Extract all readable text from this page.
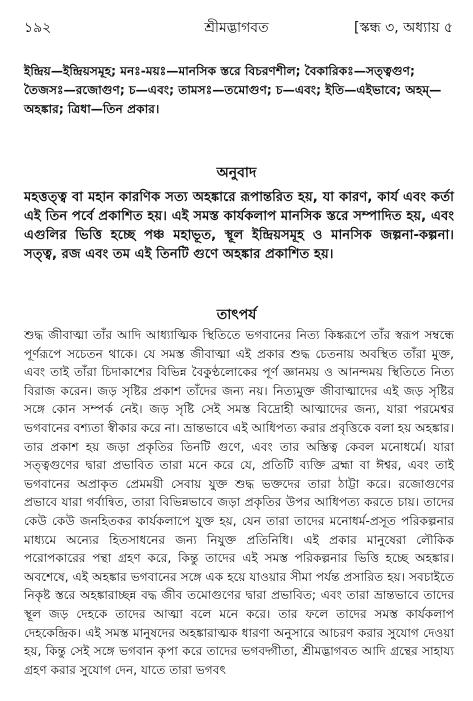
১৯২	শ্রীমদ্ভাগবত	[স্কন্ধ ৩, অধ্যায় ৫

ইন্দ্রিয়—ইন্দ্রিয়সমূহ; মনঃ-ময়ঃ—মানসিক স্তরে বিচরণশীল; বৈকারিকঃ—সত্ত্বগুণ; তৈজসঃ—রজোগুণ; চ—এবং; তামসঃ—তমোগুণ; চ—এবং; ইতি—এইভাবে; অহম্—অহঙ্কার; ত্রিধা—তিন প্রকার।

অনুবাদ

মহত্তত্ত্ব বা মহান কারণিক সত্য অহঙ্কারে রূপান্তরিত হয়, যা কারণ, কার্য এবং কর্তা এই তিন পর্বে প্রকাশিত হয়। এই সমস্ত কার্যকলাপ মানসিক স্তরে সম্পাদিত হয়, এবং এগুলির ভিত্তি হচ্ছে পঞ্চ মহাভূত, স্থূল ইন্দ্রিয়সমূহ ও মানসিক জল্পনা-কল্পনা। সত্ত্ব, রজ এবং তম এই তিনটি গুণে অহঙ্কার প্রকাশিত হয়।

তাৎপর্য

শুদ্ধ জীবাত্মা তাঁর আদি আধ্যাত্মিক স্থিতিতে ভগবানের নিত্য কিঙ্করূপে তাঁর স্বরূপ সম্বন্ধে পূর্ণরূপে সচেতন থাকে। যে সমস্ত জীবাত্মা এই প্রকার শুদ্ধ চেতনায় অবস্থিত তাঁরা মুক্ত, এবং তাই তাঁরা চিদাকাশের বিভিন্ন বৈকুণ্ঠলোকের পূর্ণ জ্ঞানময় ও আনন্দময় স্থিতিতে নিত্য বিরাজ করেন। জড় সৃষ্টির প্রকাশ তাঁদের জন্য নয়। নিত্যমুক্ত জীবাত্মাদের এই জড় সৃষ্টির সঙ্গে কোন সম্পর্ক নেই। জড় সৃষ্টি সেই সমস্ত বিদ্রোহী আত্মাদের জন্য, যারা পরমেশ্বর ভগবানের বশ্যতা স্বীকার করে না। ভ্রান্তভাবে এই আধিপত্য করার প্রবৃত্তিকে বলা হয় অহঙ্কার। তার প্রকাশ হয় জড়া প্রকৃতির তিনটি গুণে, এবং তার অস্তিত্ব কেবল মনোধর্মে। যারা সত্ত্বগুণের দ্বারা প্রভাবিত তারা মনে করে যে, প্রতিটি ব্যক্তি ব্রহ্মা বা ঈশ্বর, এবং তাই ভগবানের অপ্রাকৃত প্রেমময়ী সেবায় যুক্ত শুদ্ধ ভক্তদের তারা ঠাট্টা করে। রজোগুণের প্রভাবে যারা গর্বান্বিত, তারা বিভিন্নভাবে জড়া প্রকৃতির উপর আধিপত্য করতে চায়। তাদের কেউ কেউ জনহিতকর কার্যকলাপে যুক্ত হয়, যেন তারা তাদের মনোধর্ম-প্রসূত পরিকল্পনার মাধ্যমে অন্যের হিতসাধনের জন্য নিযুক্ত প্রতিনিধি। এই প্রকার মানুষেরা লৌকিক পরোপকারের পন্থা গ্রহণ করে, কিন্তু তাদের এই সমস্ত পরিকল্পনার ভিত্তি হচ্ছে অহঙ্কার। অবশেষে, এই অহঙ্কার ভগবানের সঙ্গে এক হয়ে যাওয়ার সীমা পর্যন্ত প্রসারিত হয়। সবচাইতে নিকৃষ্ট স্তরে অহঙ্কারাচ্ছন্ন বদ্ধ জীব তমোগুণের দ্বারা প্রভাবিত; এবং তারা ভ্রান্তভাবে তাদের স্থূল জড় দেহকে তাদের আত্মা বলে মনে করে। তার ফলে তাদের সমস্ত কার্যকলাপ দেহকেন্দ্রিক। এই সমস্ত মানুষদের অহঙ্কারাত্মক ধারণা অনুসারে আচরণ করার সুযোগ দেওয়া হয়, কিন্তু সেই সঙ্গে ভগবান কৃপা করে তাদের ভগবদ্গীতা, শ্রীমদ্ভাগবত আদি গ্রন্থের সাহায্য গ্রহণ করার সুযোগ দেন, যাতে তারা ভগবৎ
